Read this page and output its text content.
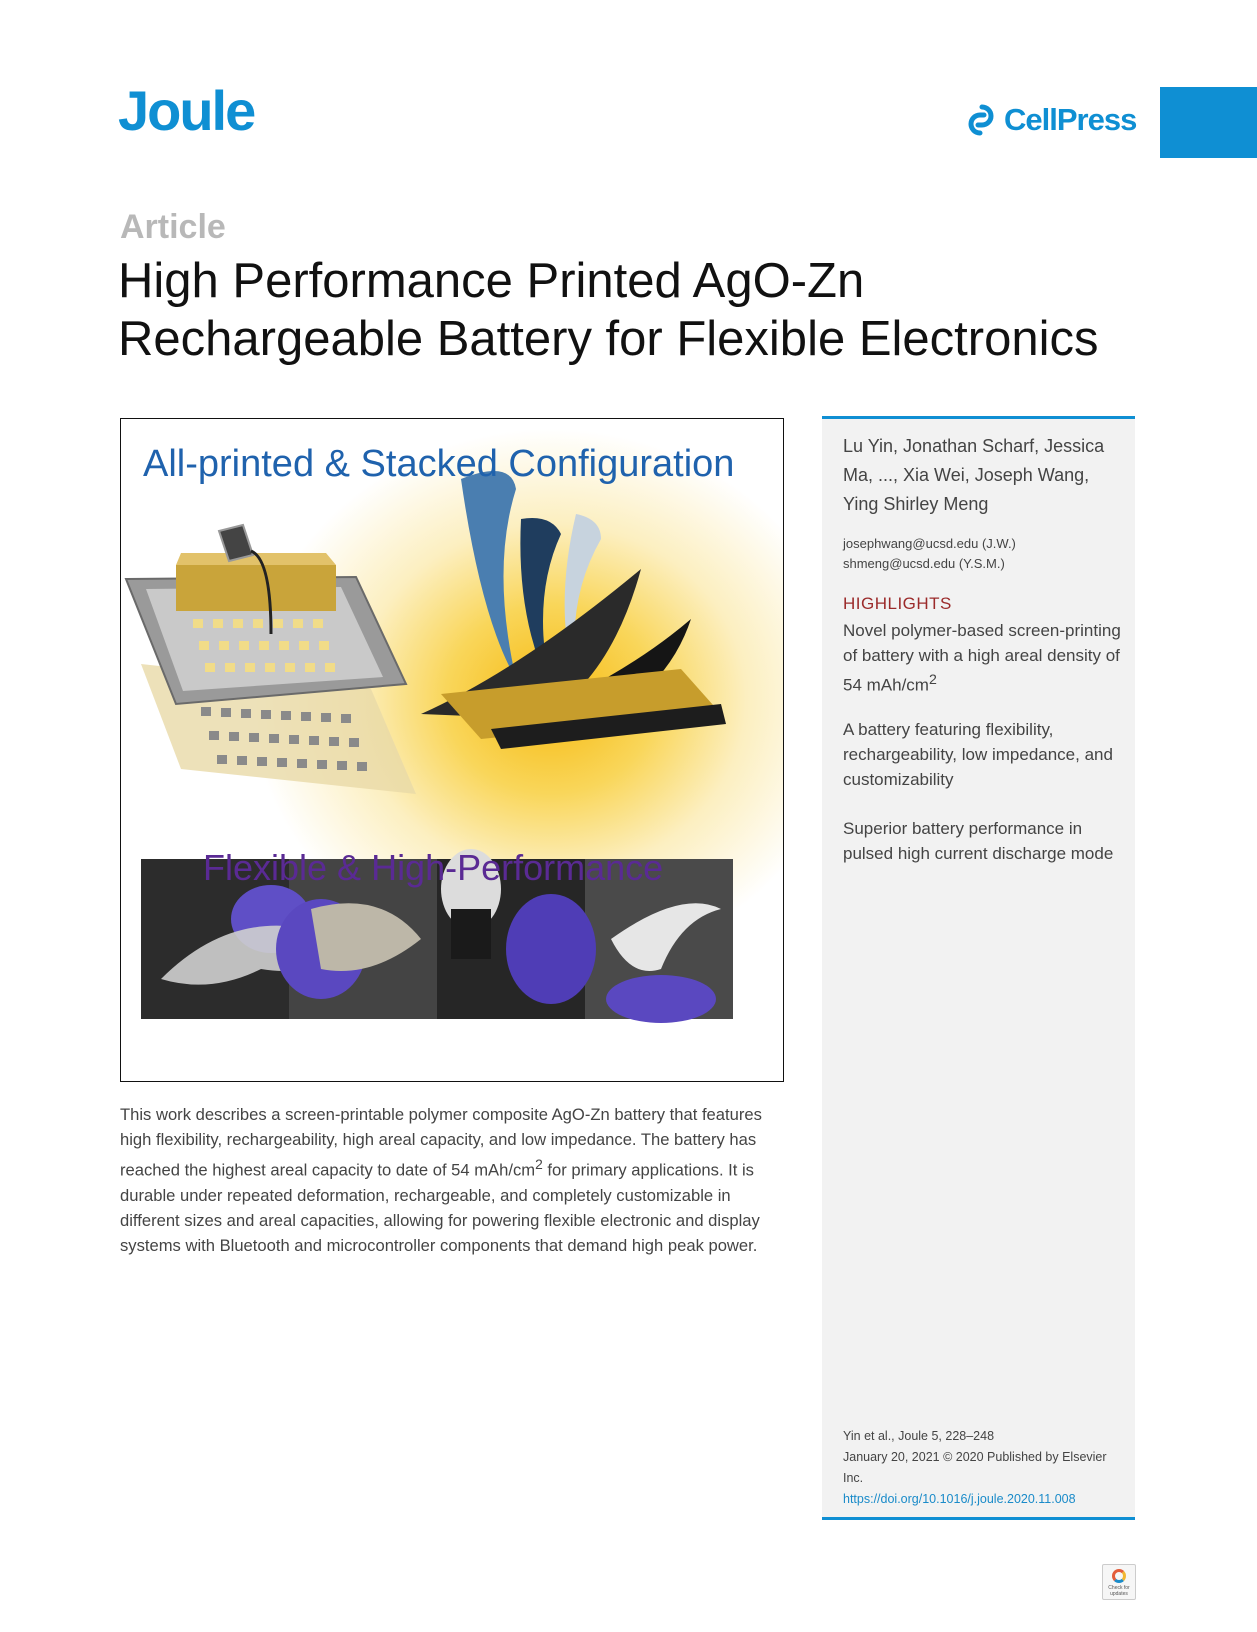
Joule	CellPress
Article
High Performance Printed AgO-Zn Rechargeable Battery for Flexible Electronics
All-printed & Stacked Configuration
Flexible & High-Performance
This work describes a screen-printable polymer composite AgO-Zn battery that features high flexibility, rechargeability, high areal capacity, and low impedance. The battery has reached the highest areal capacity to date of 54 mAh/$cm^2$ for primary applications. It is durable under repeated deformation, rechargeable, and completely customizable in different sizes and areal capacities, allowing for powering flexible electronic and display systems with Bluetooth and microcontroller components that demand high peak power.
Lu Yin, Jonathan Scharf, Jessica Ma, ..., Xia Wei, Joseph Wang, Ying Shirley Meng
josephwang@ucsd.edu (J.W.)
shmeng@ucsd.edu (Y.S.M.)
HIGHLIGHTS
Novel polymer-based screen-printing of battery with a high areal density of 54 mAh/$cm^2$
A battery featuring flexibility, rechargeability, low impedance, and customizability
Superior battery performance in pulsed high current discharge mode
Yin et al., Joule 5, 228–248
January 20, 2021 © 2020 Published by Elsevier Inc.
https://doi.org/10.1016/j.joule.2020.11.008
Check for updates
